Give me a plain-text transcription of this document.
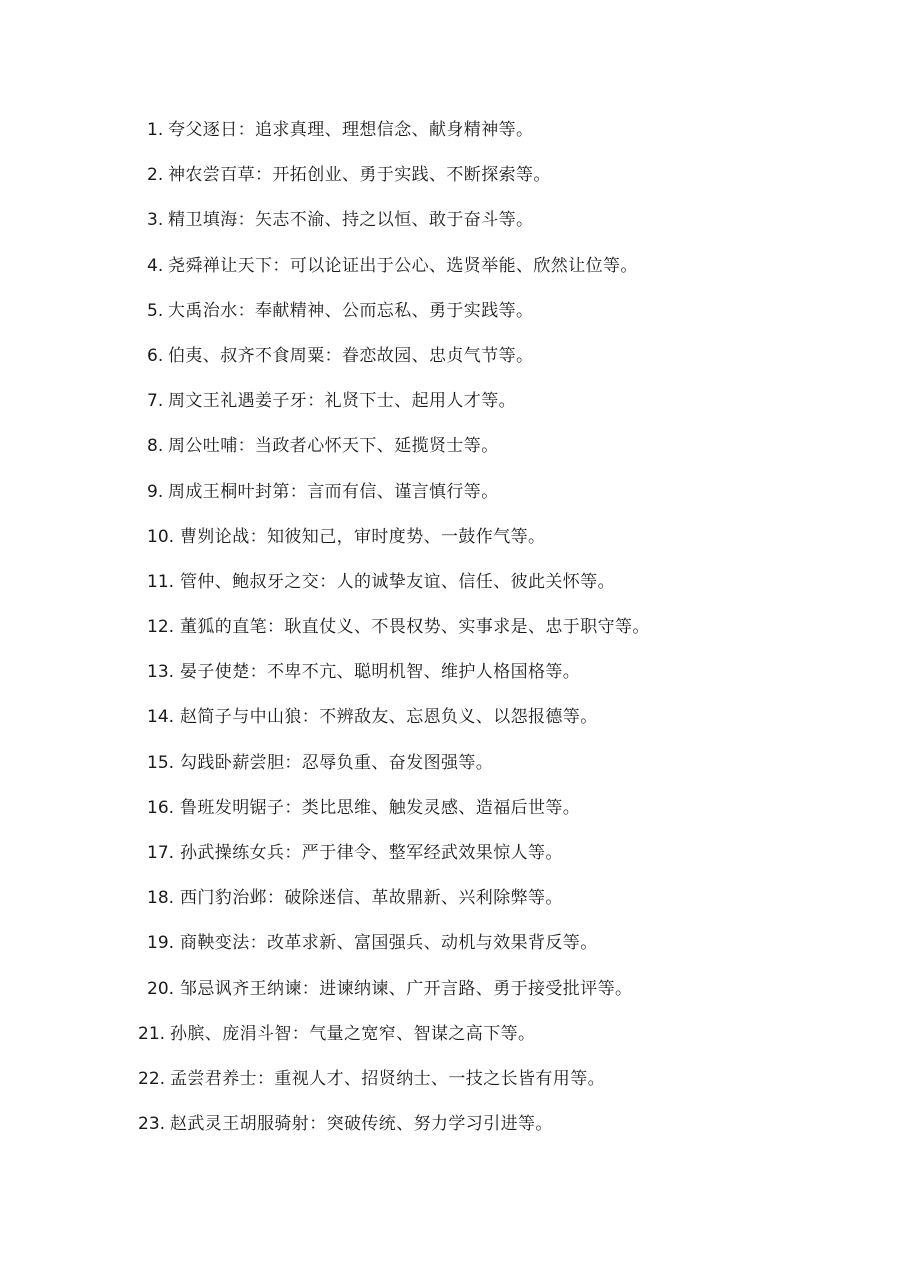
1. 夸父逐日：追求真理、理想信念、献身精神等。
2. 神农尝百草：开拓创业、勇于实践、不断探索等。
3. 精卫填海：矢志不渝、持之以恒、敢于奋斗等。
4. 尧舜禅让天下：可以论证出于公心、选贤举能、欣然让位等。
5. 大禹治水：奉献精神、公而忘私、勇于实践等。
6. 伯夷、叔齐不食周粟：眷恋故园、忠贞气节等。
7. 周文王礼遇姜子牙：礼贤下士、起用人才等。
8. 周公吐哺：当政者心怀天下、延揽贤士等。
9. 周成王桐叶封第：言而有信、谨言慎行等。
10. 曹刿论战：知彼知己，审时度势、一鼓作气等。
11. 管仲、鲍叔牙之交：人的诚挚友谊、信任、彼此关怀等。
12. 董狐的直笔：耿直仗义、不畏权势、实事求是、忠于职守等。
13. 晏子使楚：不卑不亢、聪明机智、维护人格国格等。
14. 赵简子与中山狼：不辨敌友、忘恩负义、以怨报德等。
15. 勾践卧薪尝胆：忍辱负重、奋发图强等。
16. 鲁班发明锯子：类比思维、触发灵感、造福后世等。
17. 孙武操练女兵：严于律令、整军经武效果惊人等。
18. 西门豹治邺：破除迷信、革故鼎新、兴利除弊等。
19. 商鞅变法：改革求新、富国强兵、动机与效果背反等。
20. 邹忌讽齐王纳谏：进谏纳谏、广开言路、勇于接受批评等。
21. 孙膑、庞涓斗智：气量之宽窄、智谋之高下等。
22. 孟尝君养士：重视人才、招贤纳士、一技之长皆有用等。
23. 赵武灵王胡服骑射：突破传统、努力学习引进等。
